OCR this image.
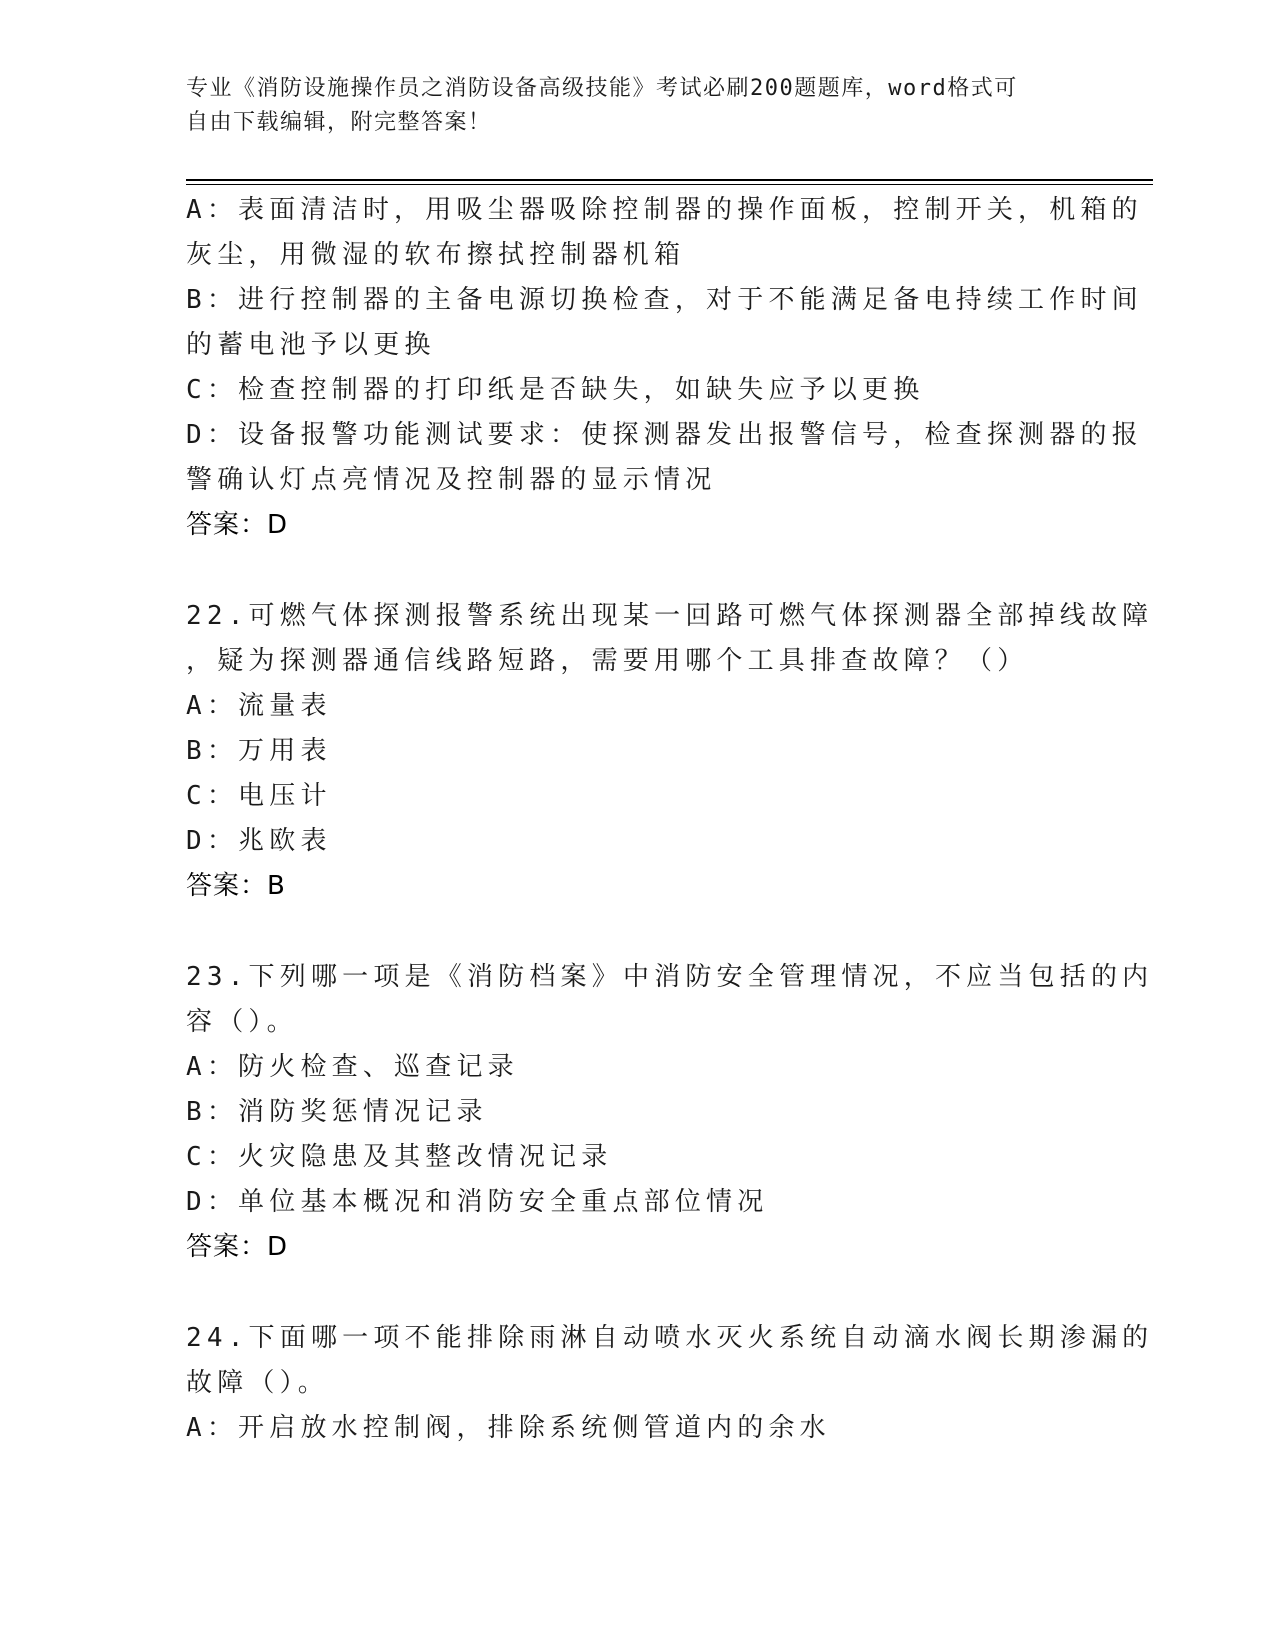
专业《消防设施操作员之消防设备高级技能》考试必刷200题题库，word格式可
自由下载编辑，附完整答案！
A：表面清洁时，用吸尘器吸除控制器的操作面板，控制开关，机箱的
灰尘，用微湿的软布擦拭控制器机箱
B：进行控制器的主备电源切换检查，对于不能满足备电持续工作时间
的蓄电池予以更换
C：检查控制器的打印纸是否缺失，如缺失应予以更换
D：设备报警功能测试要求：使探测器发出报警信号，检查探测器的报
警确认灯点亮情况及控制器的显示情况
答案：D
22.可燃气体探测报警系统出现某一回路可燃气体探测器全部掉线故障
，疑为探测器通信线路短路，需要用哪个工具排查故障？（）
A：流量表
B：万用表
C：电压计
D：兆欧表
答案：B
23.下列哪一项是《消防档案》中消防安全管理情况，不应当包括的内
容（）。
A：防火检查、巡查记录
B：消防奖惩情况记录
C：火灾隐患及其整改情况记录
D：单位基本概况和消防安全重点部位情况
答案：D
24.下面哪一项不能排除雨淋自动喷水灭火系统自动滴水阀长期渗漏的
故障（）。
A：开启放水控制阀，排除系统侧管道内的余水
